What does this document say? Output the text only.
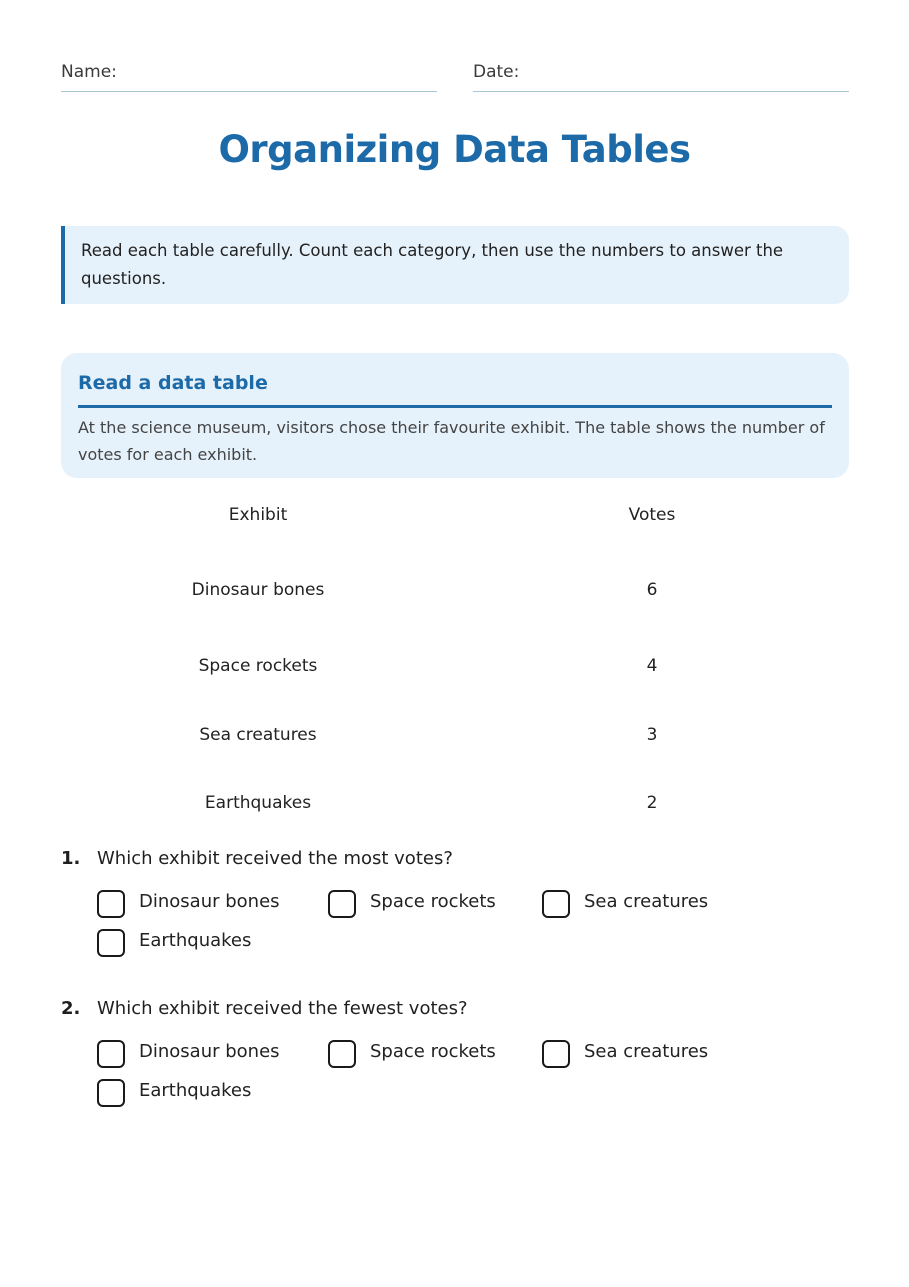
Name:	Date:
Organizing Data Tables
Read each table carefully. Count each category, then use the numbers to answer the questions.
Read a data table
At the science museum, visitors chose their favourite exhibit. The table shows the number of votes for each exhibit.
Exhibit	Votes
Dinosaur bones	6
Space rockets	4
Sea creatures	3
Earthquakes	2
1. Which exhibit received the most votes?
Dinosaur bones	Space rockets	Sea creatures
Earthquakes
2. Which exhibit received the fewest votes?
Dinosaur bones	Space rockets	Sea creatures
Earthquakes
